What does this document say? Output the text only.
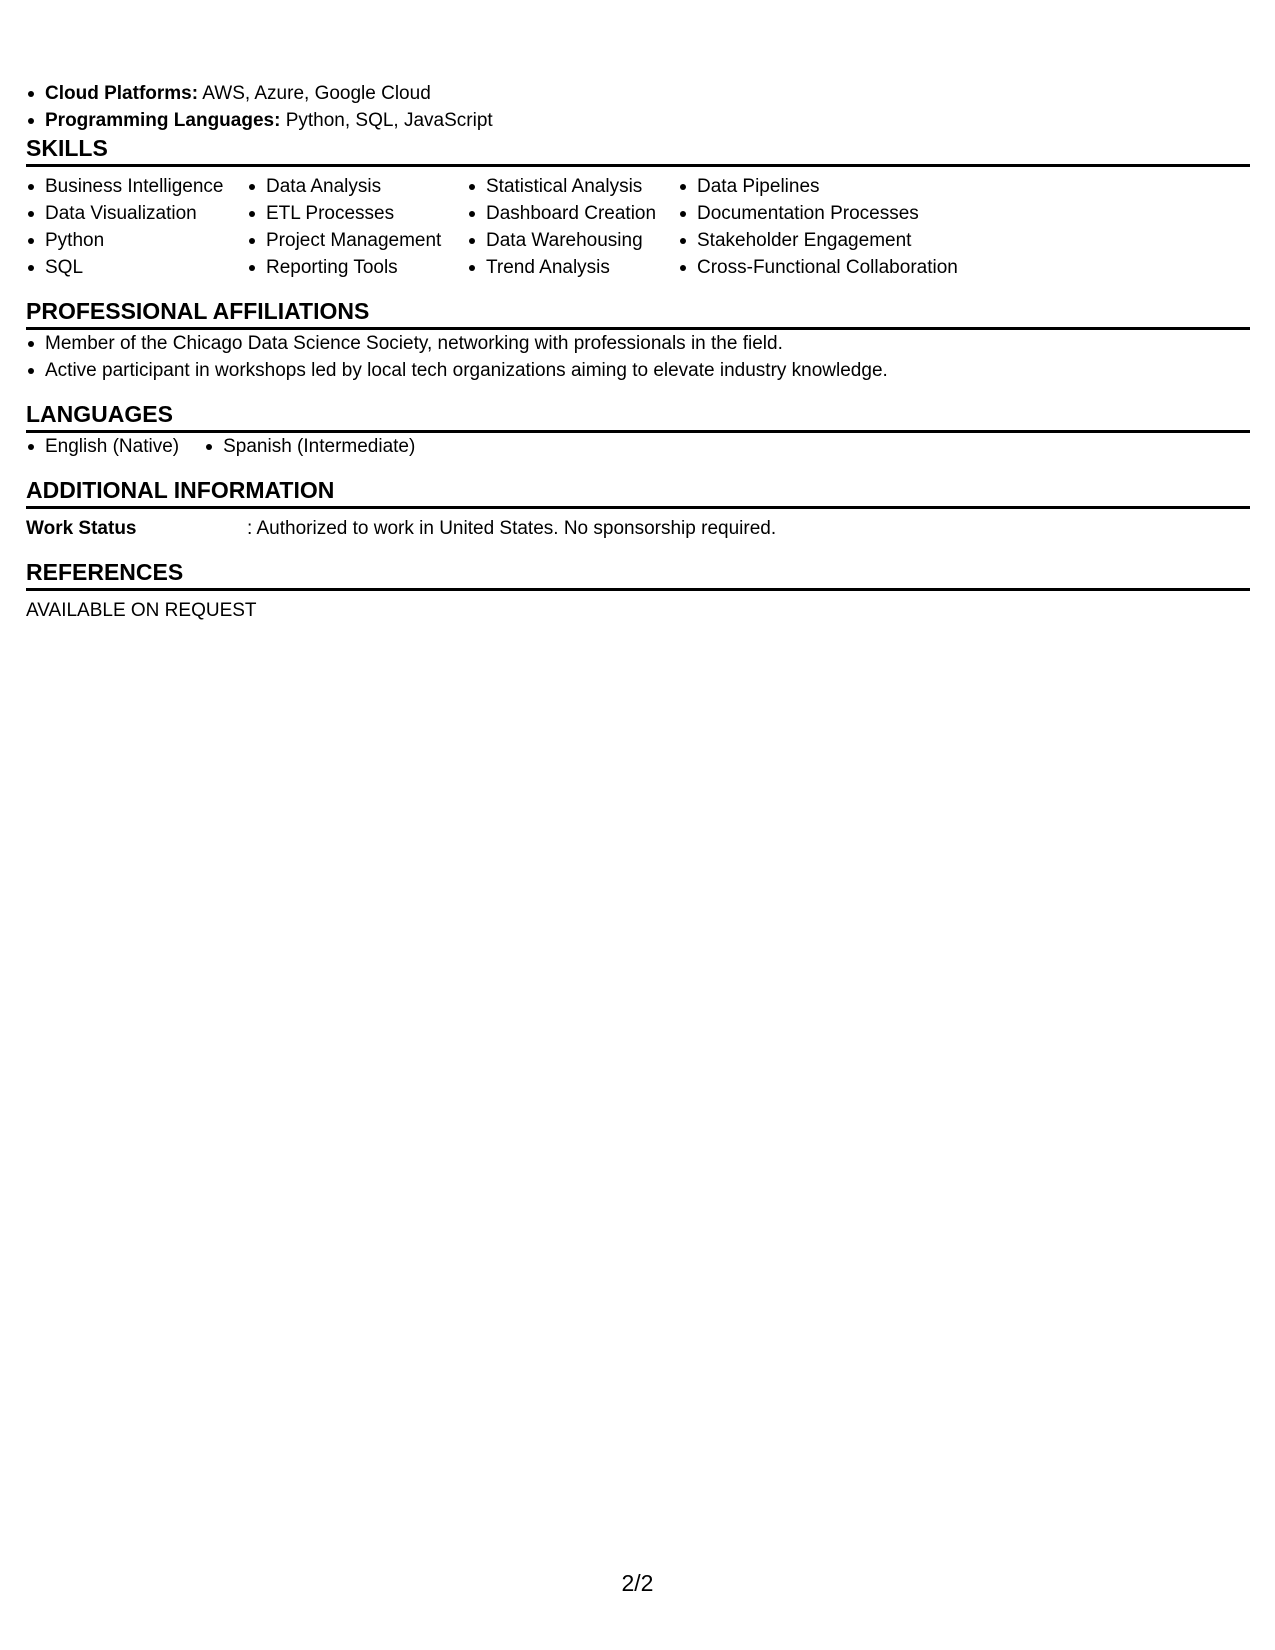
Cloud Platforms: AWS, Azure, Google Cloud
Programming Languages: Python, SQL, JavaScript
SKILLS
Business Intelligence
Data Visualization
Python
SQL
Data Analysis
ETL Processes
Project Management
Reporting Tools
Statistical Analysis
Dashboard Creation
Data Warehousing
Trend Analysis
Data Pipelines
Documentation Processes
Stakeholder Engagement
Cross-Functional Collaboration
PROFESSIONAL AFFILIATIONS
Member of the Chicago Data Science Society, networking with professionals in the field.
Active participant in workshops led by local tech organizations aiming to elevate industry knowledge.
LANGUAGES
English (Native)	Spanish (Intermediate)
ADDITIONAL INFORMATION
Work Status	: Authorized to work in United States. No sponsorship required.
REFERENCES
AVAILABLE ON REQUEST
2/2
